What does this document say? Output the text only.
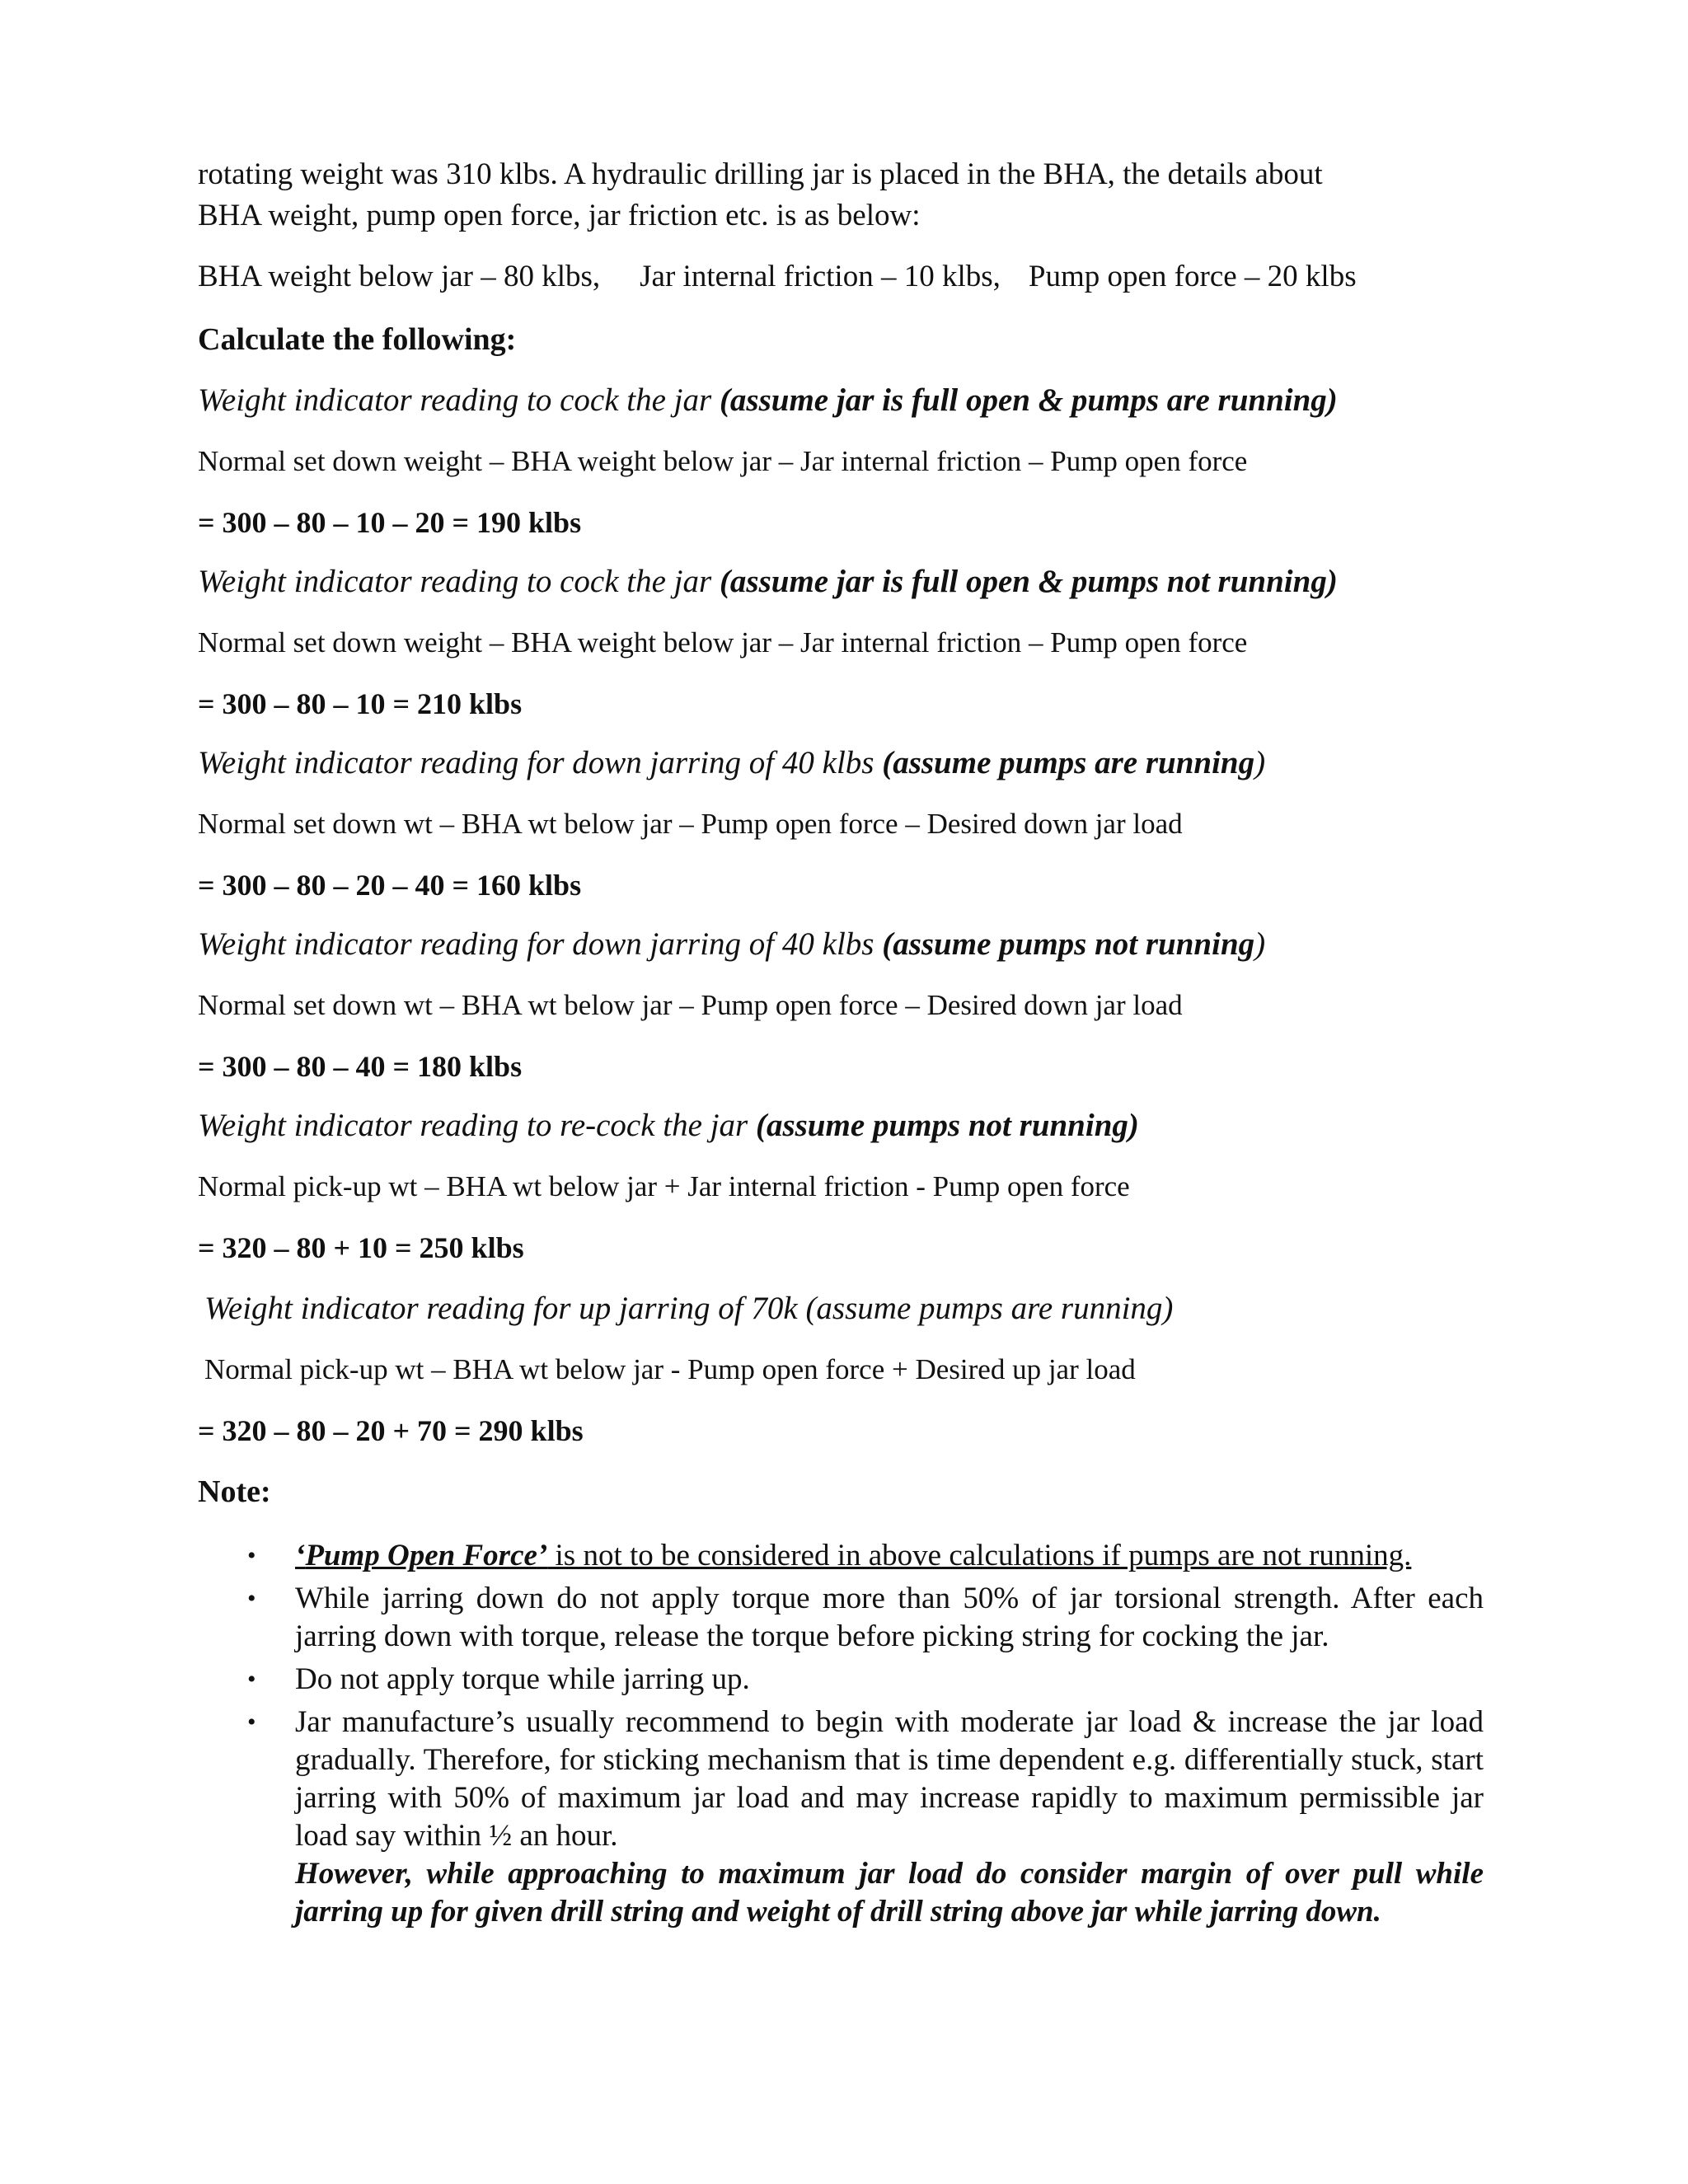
rotating weight was 310 klbs. A hydraulic drilling jar is placed in the BHA, the details about
BHA weight, pump open force, jar friction etc. is as below:
BHA weight below jar – 80 klbs, Jar internal friction – 10 klbs, Pump open force – 20 klbs
Calculate the following:
Weight indicator reading to cock the jar (assume jar is full open & pumps are running)
Normal set down weight – BHA weight below jar – Jar internal friction – Pump open force
= 300 – 80 – 10 – 20 = 190 klbs
Weight indicator reading to cock the jar (assume jar is full open & pumps not running)
Normal set down weight – BHA weight below jar – Jar internal friction – Pump open force
= 300 – 80 – 10 = 210 klbs
Weight indicator reading for down jarring of 40 klbs (assume pumps are running)
Normal set down wt – BHA wt below jar – Pump open force – Desired down jar load
= 300 – 80 – 20 – 40 = 160 klbs
Weight indicator reading for down jarring of 40 klbs (assume pumps not running)
Normal set down wt – BHA wt below jar – Pump open force – Desired down jar load
= 300 – 80 – 40 = 180 klbs
Weight indicator reading to re-cock the jar (assume pumps not running)
Normal pick-up wt – BHA wt below jar + Jar internal friction - Pump open force
= 320 – 80 + 10 = 250 klbs
Weight indicator reading for up jarring of 70k (assume pumps are running)
Normal pick-up wt – BHA wt below jar - Pump open force + Desired up jar load
= 320 – 80 – 20 + 70 = 290 klbs
Note:
•	‘Pump Open Force’ is not to be considered in above calculations if pumps are not running.
•	While jarring down do not apply torque more than 50% of jar torsional strength. After each jarring down with torque, release the torque before picking string for cocking the jar.
•	Do not apply torque while jarring up.
•	Jar manufacture’s usually recommend to begin with moderate jar load & increase the jar load gradually. Therefore, for sticking mechanism that is time dependent e.g. differentially stuck, start jarring with 50% of maximum jar load and may increase rapidly to maximum permissible jar load say within ½ an hour.
However, while approaching to maximum jar load do consider margin of over pull while jarring up for given drill string and weight of drill string above jar while jarring down.
